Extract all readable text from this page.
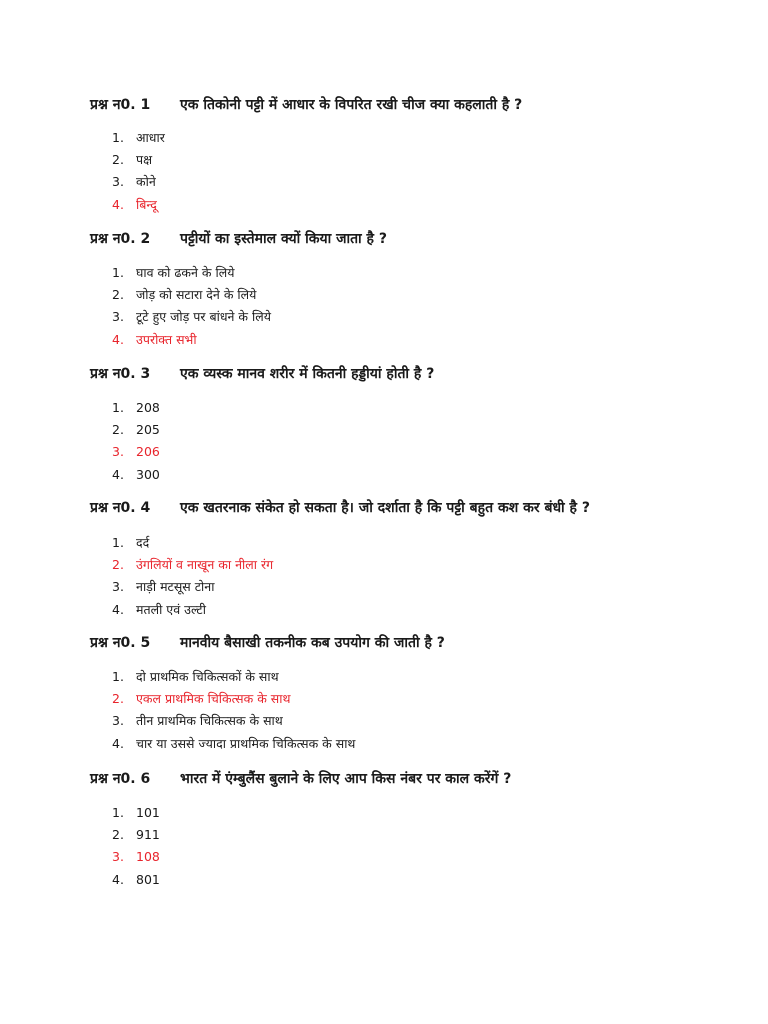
प्रश्न न0. 1	एक तिकोनी पट्टी में आधार के विपरित रखी चीज क्या कहलाती है ?
1. आधार
2. पक्ष
3. कोने
4. बिन्दू
प्रश्न न0. 2	पट्टीयों का इस्तेमाल क्यों किया जाता है ?
1. घाव को ढकने के लिये
2. जोड़ को सटारा देने के लिये
3. टूटे हुए जोड़ पर बांधने के लिये
4. उपरोक्त सभी
प्रश्न न0. 3	एक व्यस्क मानव शरीर में कितनी हड्डीयां होती है ?
1. 208
2. 205
3. 206
4. 300
प्रश्न न0. 4	एक खतरनाक संकेत हो सकता है। जो दर्शाता है कि पट्टी बहुत कश कर बंधी है ?
1. दर्द
2. उंगलियों व नाखून का नीला रंग
3. नाड़ी मटसूस टोना
4. मतली एवं उल्टी
प्रश्न न0. 5	मानवीय बैसाखी तकनीक कब उपयोग की जाती है ?
1. दो प्राथमिक चिकित्सकों के साथ
2. एकल प्राथमिक चिकित्सक के साथ
3. तीन प्राथमिक चिकित्सक के साथ
4. चार या उससे ज्यादा प्राथमिक चिकित्सक के साथ
प्रश्न न0. 6	भारत में एंम्बुलैंस बुलाने के लिए आप किस नंबर पर काल करेंगें ?
1. 101
2. 911
3. 108
4. 801
